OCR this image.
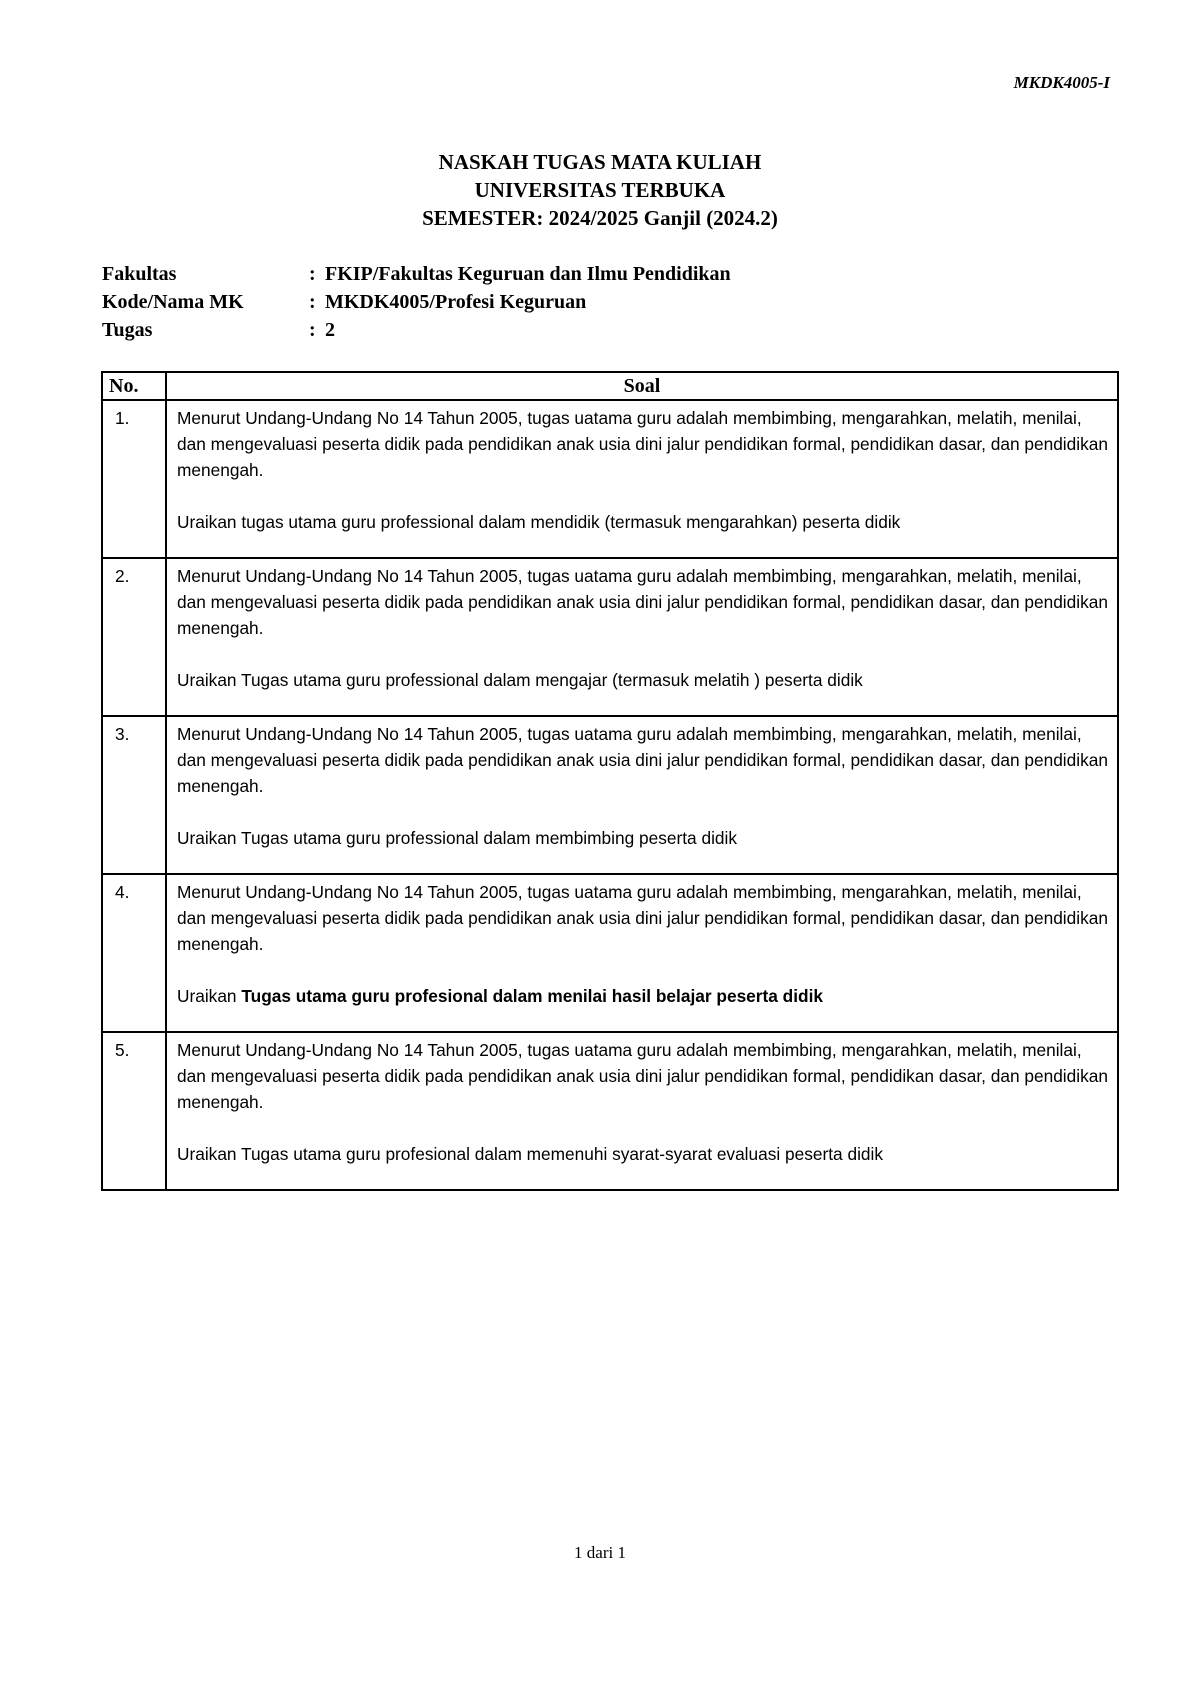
MKDK4005-I
NASKAH TUGAS MATA KULIAH
UNIVERSITAS TERBUKA
SEMESTER: 2024/2025 Ganjil (2024.2)
Fakultas	: FKIP/Fakultas Keguruan dan Ilmu Pendidikan
Kode/Nama MK	: MKDK4005/Profesi Keguruan
Tugas	: 2
No.	Soal
1.	Menurut Undang-Undang No 14 Tahun 2005, tugas uatama guru adalah membimbing, mengarahkan, melatih, menilai, dan mengevaluasi peserta didik pada pendidikan anak usia dini jalur pendidikan formal, pendidikan dasar, dan pendidikan menengah.

Uraikan tugas utama guru professional dalam mendidik (termasuk mengarahkan) peserta didik

2.	Menurut Undang-Undang No 14 Tahun 2005, tugas uatama guru adalah membimbing, mengarahkan, melatih, menilai, dan mengevaluasi peserta didik pada pendidikan anak usia dini jalur pendidikan formal, pendidikan dasar, dan pendidikan menengah.

Uraikan Tugas utama guru professional dalam mengajar (termasuk melatih ) peserta didik

3.	Menurut Undang-Undang No 14 Tahun 2005, tugas uatama guru adalah membimbing, mengarahkan, melatih, menilai, dan mengevaluasi peserta didik pada pendidikan anak usia dini jalur pendidikan formal, pendidikan dasar, dan pendidikan menengah.

Uraikan Tugas utama guru professional dalam membimbing peserta didik

4.	Menurut Undang-Undang No 14 Tahun 2005, tugas uatama guru adalah membimbing, mengarahkan, melatih, menilai, dan mengevaluasi peserta didik pada pendidikan anak usia dini jalur pendidikan formal, pendidikan dasar, dan pendidikan menengah.

Uraikan Tugas utama guru profesional dalam menilai hasil belajar peserta didik

5.	Menurut Undang-Undang No 14 Tahun 2005, tugas uatama guru adalah membimbing, mengarahkan, melatih, menilai, dan mengevaluasi peserta didik pada pendidikan anak usia dini jalur pendidikan formal, pendidikan dasar, dan pendidikan menengah.

Uraikan Tugas utama guru profesional dalam memenuhi syarat-syarat evaluasi peserta didik

1 dari 1
